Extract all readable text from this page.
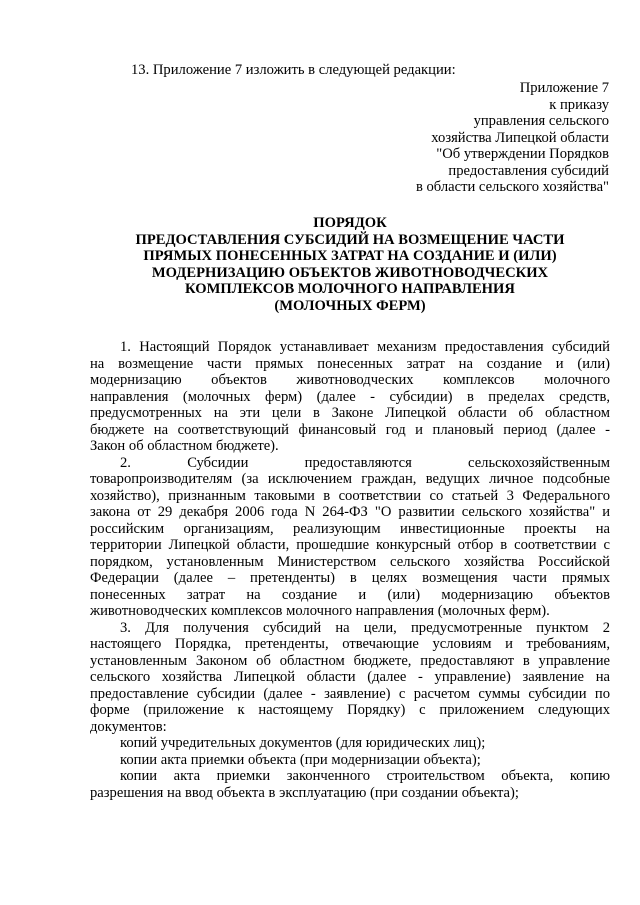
13. Приложение 7 изложить в следующей редакции:
Приложение 7
к приказу
управления сельского
хозяйства Липецкой области
"Об утверждении Порядков
предоставления субсидий
в области сельского хозяйства"
ПОРЯДОК
ПРЕДОСТАВЛЕНИЯ СУБСИДИЙ НА ВОЗМЕЩЕНИЕ ЧАСТИ
ПРЯМЫХ ПОНЕСЕННЫХ ЗАТРАТ НА СОЗДАНИЕ И (ИЛИ)
МОДЕРНИЗАЦИЮ ОБЪЕКТОВ ЖИВОТНОВОДЧЕСКИХ
КОМПЛЕКСОВ МОЛОЧНОГО НАПРАВЛЕНИЯ
(МОЛОЧНЫХ ФЕРМ)
1. Настоящий Порядок устанавливает механизм предоставления субсидий
на возмещение части прямых понесенных затрат на создание и (или)
модернизацию объектов животноводческих комплексов молочного
направления (молочных ферм) (далее - субсидии) в пределах средств,
предусмотренных на эти цели в Законе Липецкой области об областном
бюджете на соответствующий финансовый год и плановый период (далее -
Закон об областном бюджете).
2. Субсидии предоставляются сельскохозяйственным
товаропроизводителям (за исключением граждан, ведущих личное подсобные
хозяйство), признанным таковыми в соответствии со статьей 3 Федерального
закона от 29 декабря 2006 года N 264-ФЗ "О развитии сельского хозяйства" и
российским организациям, реализующим инвестиционные проекты на
территории Липецкой области, прошедшие конкурсный отбор в соответствии с
порядком, установленным Министерством сельского хозяйства Российской
Федерации (далее – претенденты) в целях возмещения части прямых
понесенных затрат на создание и (или) модернизацию объектов
животноводческих комплексов молочного направления (молочных ферм).
3. Для получения субсидий на цели, предусмотренные пунктом 2
настоящего Порядка, претенденты, отвечающие условиям и требованиям,
установленным Законом об областном бюджете, предоставляют в управление
сельского хозяйства Липецкой области (далее - управление) заявление на
предоставление субсидии (далее - заявление) с расчетом суммы субсидии по
форме (приложение к настоящему Порядку) с приложением следующих
документов:
копий учредительных документов (для юридических лиц);
копии акта приемки объекта (при модернизации объекта);
копии акта приемки законченного строительством объекта, копию
разрешения на ввод объекта в эксплуатацию (при создании объекта);
